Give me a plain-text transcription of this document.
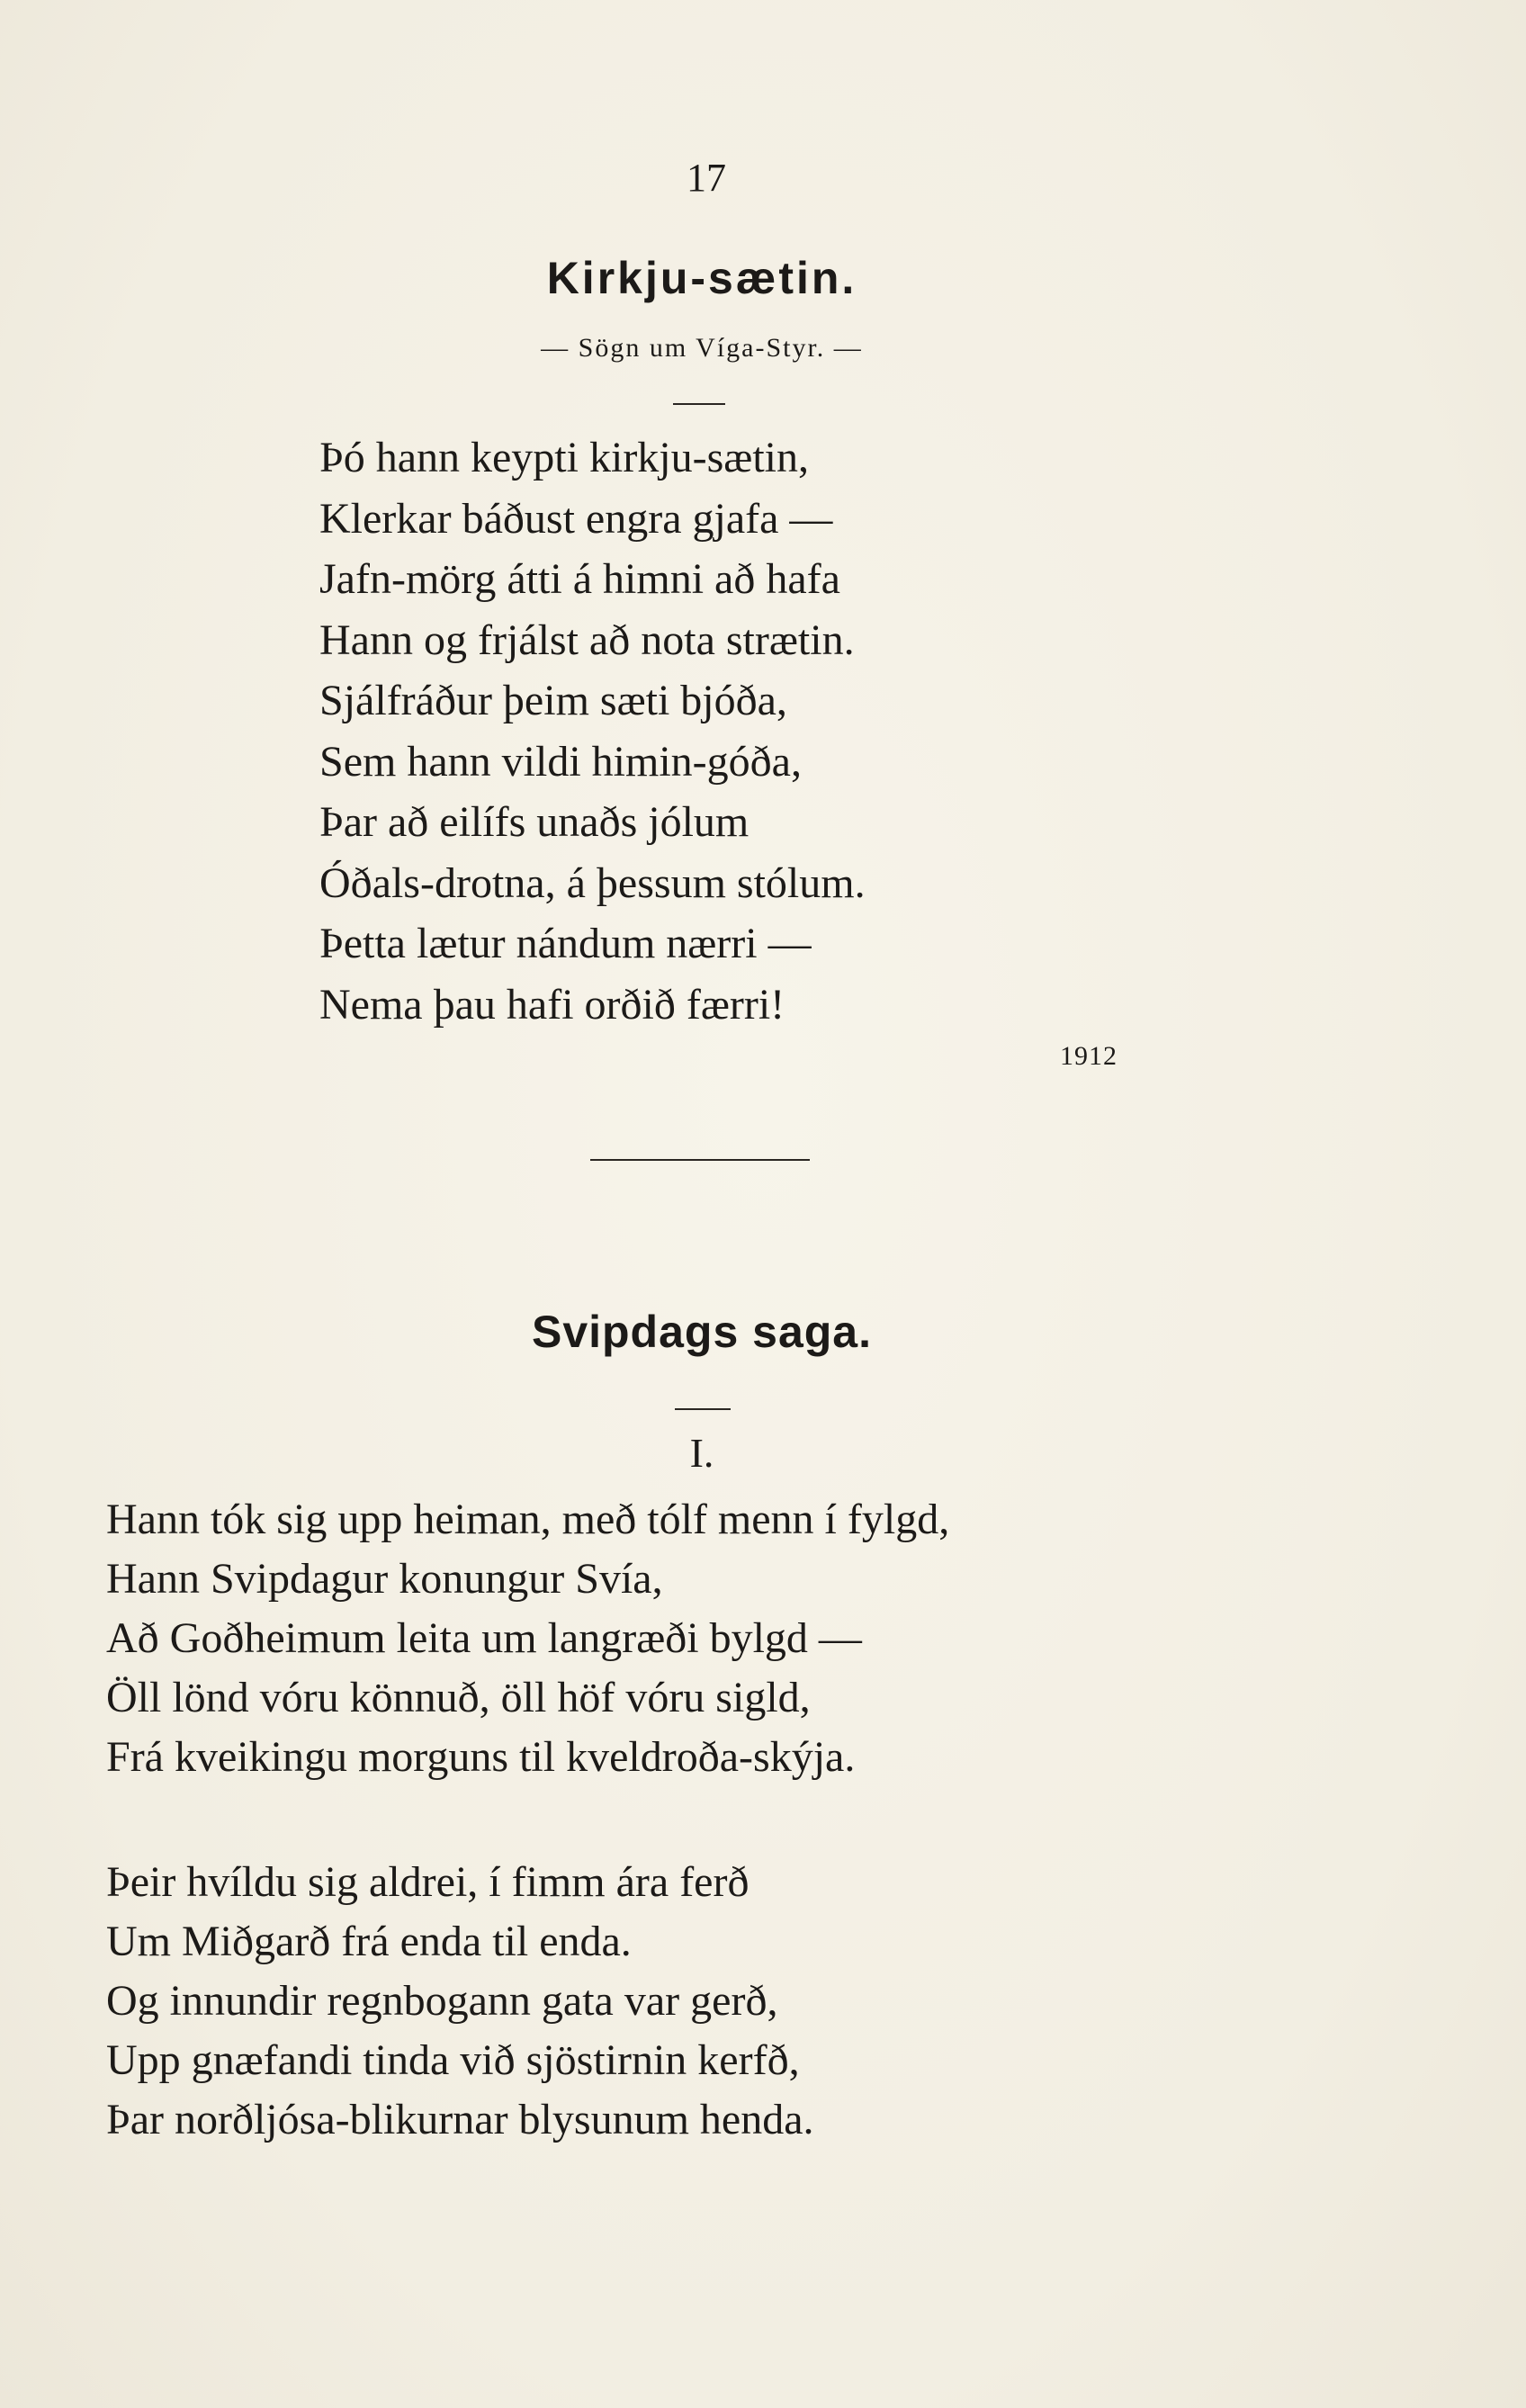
17
Kirkju-sætin.
— Sögn um Víga-Styr. —
Þó hann keypti kirkju-sætin,
Klerkar báðust engra gjafa —
Jafn-mörg átti á himni að hafa
Hann og frjálst að nota strætin.
Sjálfráður þeim sæti bjóða,
Sem hann vildi himin-góða,
Þar að eilífs unaðs jólum
Óðals-drotna, á þessum stólum.
Þetta lætur nándum nærri —
Nema þau hafi orðið færri!
1912
Svipdags saga.
I.
Hann tók sig upp heiman, með tólf menn í fylgd,
Hann Svipdagur konungur Svía,
Að Goðheimum leita um langræði bylgd —
Öll lönd vóru könnuð, öll höf vóru sigld,
Frá kveikingu morguns til kveldroða-skýja.
Þeir hvíldu sig aldrei, í fimm ára ferð
Um Miðgarð frá enda til enda.
Og innundir regnbogann gata var gerð,
Upp gnæfandi tinda við sjöstirnin kerfð,
Þar norðljósa-blikurnar blysunum henda.
